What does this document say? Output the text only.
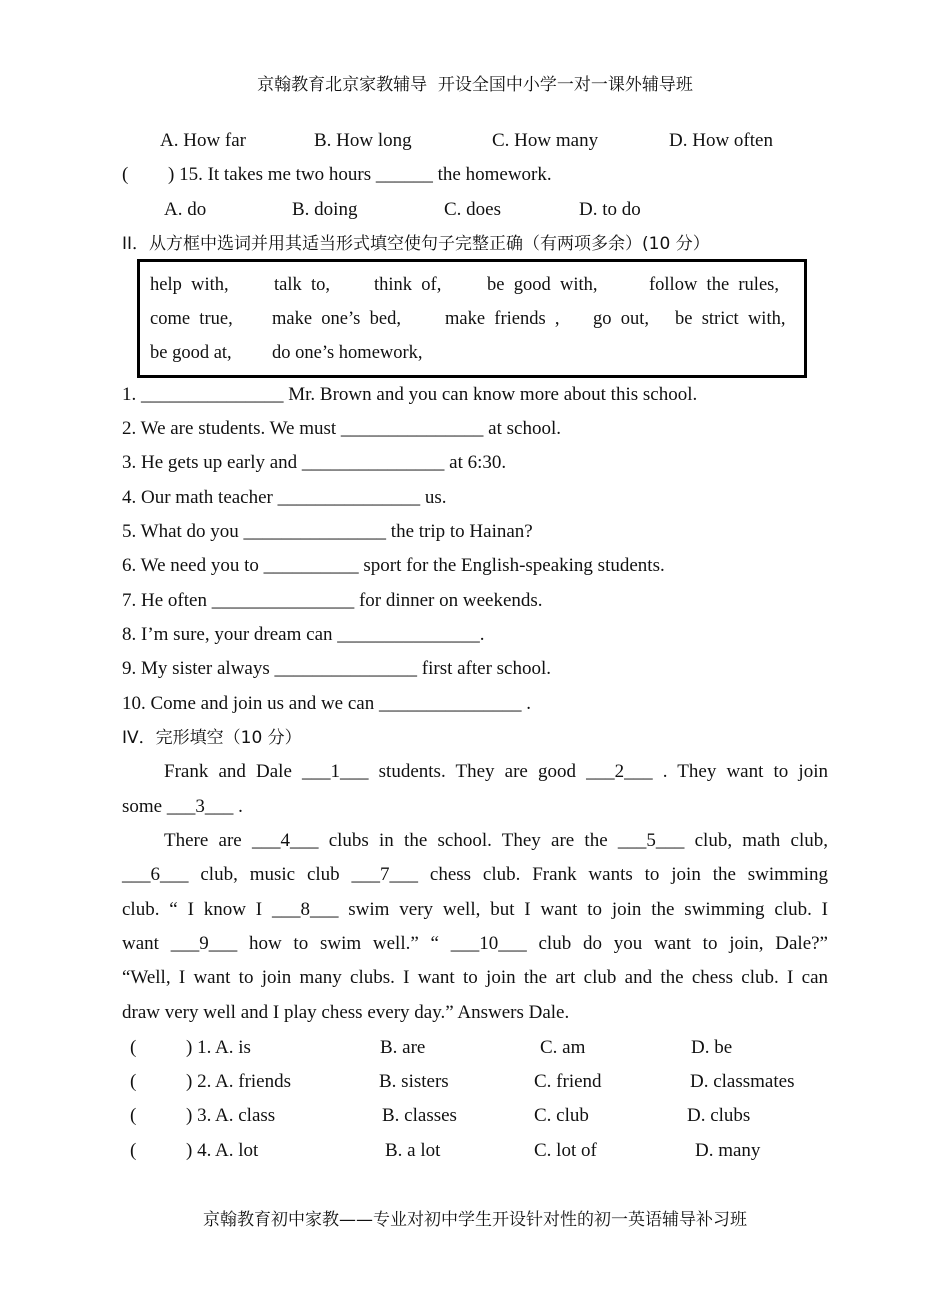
京翰教育北京家教辅导  开设全国中小学一对一课外辅导班
A. How far	B. How long	C. How many	D. How often
( ) 15. It takes me two hours ______ the homework.
A. do	B. doing	C. does	D. to do
II．从方框中选词并用其适当形式填空使句子完整正确（有两项多余）(10 分）
help  with, talk  to, think  of, be  good  with,	follow  the  rules,
come  true, make  one’s  bed, make  friends  , go  out, be  strict  with,
be good at, do one’s homework,
1. _______________ Mr. Brown and you can know more about this school.
2. We are students. We must _______________ at school.
3. He gets up early and _______________ at 6:30.
4. Our math teacher _______________ us.
5. What do you _______________ the trip to Hainan?
6. We need you to __________ sport for the English-speaking students.
7. He often _______________ for dinner on weekends.
8. I’m sure, your dream can _______________.
9. My sister always _______________ first after school.
10. Come and join us and we can _______________ .
IV．完形填空（10 分）
Frank and Dale ___1___ students. They are good ___2___ . They want to join
some ___3___ .
There are ___4___ clubs in the school. They are the ___5___ club, math club,
___6___ club, music club ___7___ chess club. Frank wants to join the swimming
club. “ I know I ___8___ swim very well, but I want to join the swimming club. I
want ___9___ how to swim well.” “ ___10___ club do you want to join, Dale?”
“Well, I want to join many clubs. I want to join the art club and the chess club. I can
draw very well and I play chess every day.” Answers Dale.
(	) 1. A. is	B. are	C. am	D. be
(	) 2. A. friends	B. sisters	C. friend	D. classmates
(	) 3. A. class	B. classes	C. club	D. clubs
(	) 4. A. lot	B. a lot	C. lot of	D. many
京翰教育初中家教——专业对初中学生开设针对性的初一英语辅导补习班
